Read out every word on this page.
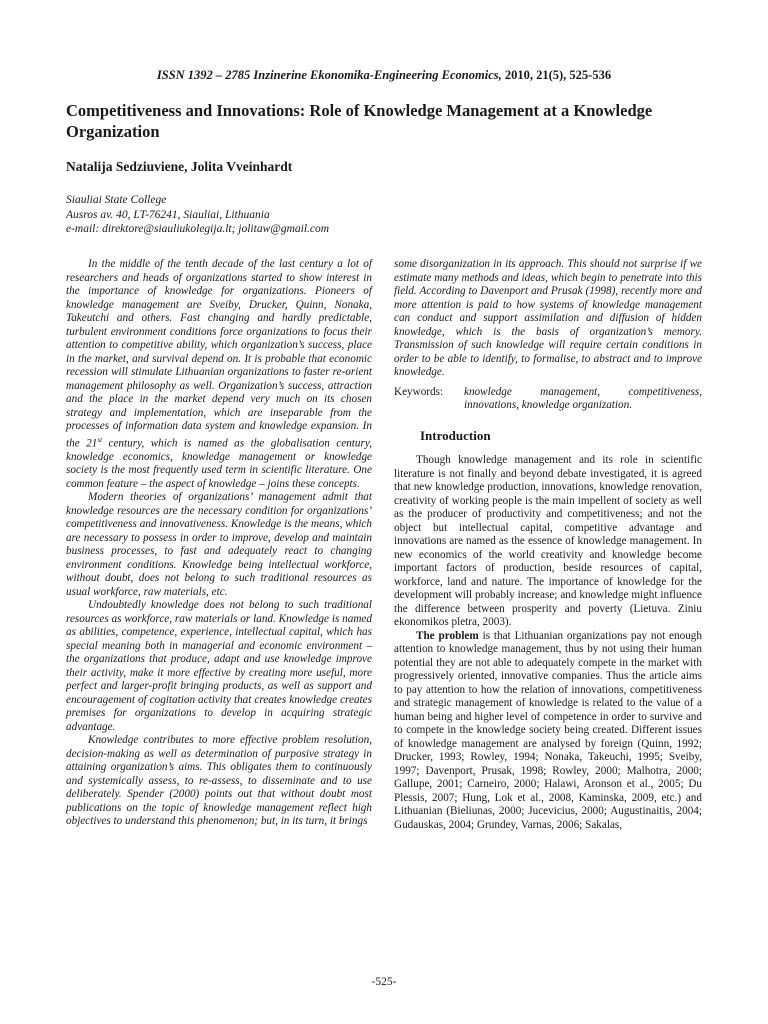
ISSN 1392 – 2785 Inzinerine Ekonomika-Engineering Economics, 2010, 21(5), 525-536
Competitiveness and Innovations: Role of Knowledge Management at a Knowledge Organization
Natalija Sedziuviene, Jolita Vveinhardt
Siauliai State College
Ausros av. 40, LT-76241, Siauliai, Lithuania
e-mail: direktore@siauliukolegija.lt; jolitaw@gmail.com

In the middle of the tenth decade of the last century a lot of researchers and heads of organizations started to show interest in the importance of knowledge for organizations. Pioneers of knowledge management are Sveiby, Drucker, Quinn, Nonaka, Takeutchi and others. Fast changing and hardly predictable, turbulent environment conditions force organizations to focus their attention to competitive ability, which organization’s success, place in the market, and survival depend on. It is probable that economic recession will stimulate Lithuanian organizations to faster re-orient management philosophy as well. Organization’s success, attraction and the place in the market depend very much on its chosen strategy and implementation, which are inseparable from the processes of information data system and knowledge expansion. In the 21st century, which is named as the globalisation century, knowledge economics, knowledge management or knowledge society is the most frequently used term in scientific literature. One common feature – the aspect of knowledge – joins these concepts.

Modern theories of organizations’ management admit that knowledge resources are the necessary condition for organizations’ competitiveness and innovativeness. Knowledge is the means, which are necessary to possess in order to improve, develop and maintain business processes, to fast and adequately react to changing environment conditions. Knowledge being intellectual workforce, without doubt, does not belong to such traditional resources as usual workforce, raw materials, etc.

Undoubtedly knowledge does not belong to such traditional resources as workforce, raw materials or land. Knowledge is named as abilities, competence, experience, intellectual capital, which has special meaning both in managerial and economic environment – the organizations that produce, adapt and use knowledge improve their activity, make it more effective by creating more useful, more perfect and larger-profit bringing products, as well as support and encouragement of cogitation activity that creates knowledge creates premises for organizations to develop in acquiring strategic advantage.

Knowledge contributes to more effective problem resolution, decision-making as well as determination of purposive strategy in attaining organization’s aims. This obligates them to continuously and systemically assess, to re-assess, to disseminate and to use deliberately. Spender (2000) points out that without doubt most publications on the topic of knowledge management reflect high objectives to understand this phenomenon; but, in its turn, it brings

some disorganization in its approach. This should not surprise if we estimate many methods and ideas, which begin to penetrate into this field. According to Davenport and Prusak (1998), recently more and more attention is paid to how systems of knowledge management can conduct and support assimilation and diffusion of hidden knowledge, which is the basis of organization’s memory. Transmission of such knowledge will require certain conditions in order to be able to identify, to formalise, to abstract and to improve knowledge.

Keywords:	knowledge management, competitiveness, innovations, knowledge organization.
Introduction

Though knowledge management and its role in scientific literature is not finally and beyond debate investigated, it is agreed that new knowledge production, innovations, knowledge renovation, creativity of working people is the main impellent of society as well as the producer of productivity and competitiveness; and not the object but intellectual capital, competitive advantage and innovations are named as the essence of knowledge management. In new economics of the world creativity and knowledge become important factors of production, beside resources of capital, workforce, land and nature. The importance of knowledge for the development will probably increase; and knowledge might influence the difference between prosperity and poverty (Lietuva. Ziniu ekonomikos pletra, 2003).

The problem is that Lithuanian organizations pay not enough attention to knowledge management, thus by not using their human potential they are not able to adequately compete in the market with progressively oriented, innovative companies. Thus the article aims to pay attention to how the relation of innovations, competitiveness and strategic management of knowledge is related to the value of a human being and higher level of competence in order to survive and to compete in the knowledge society being created. Different issues of knowledge management are analysed by foreign (Quinn, 1992; Drucker, 1993; Rowley, 1994; Nonaka, Takeuchi, 1995; Sveiby, 1997; Davenport, Prusak, 1998; Rowley, 2000; Malhotra, 2000; Gallupe, 2001; Carneiro, 2000; Halawi, Aronson et al., 2005; Du Plessis, 2007; Hung, Lok et al., 2008, Kaminska, 2009, etc.) and Lithuanian (Bieliunas, 2000; Jucevicius, 2000; Augustinaitis, 2004; Gudauskas, 2004; Grundey, Varnas, 2006; Sakalas,

-525-
